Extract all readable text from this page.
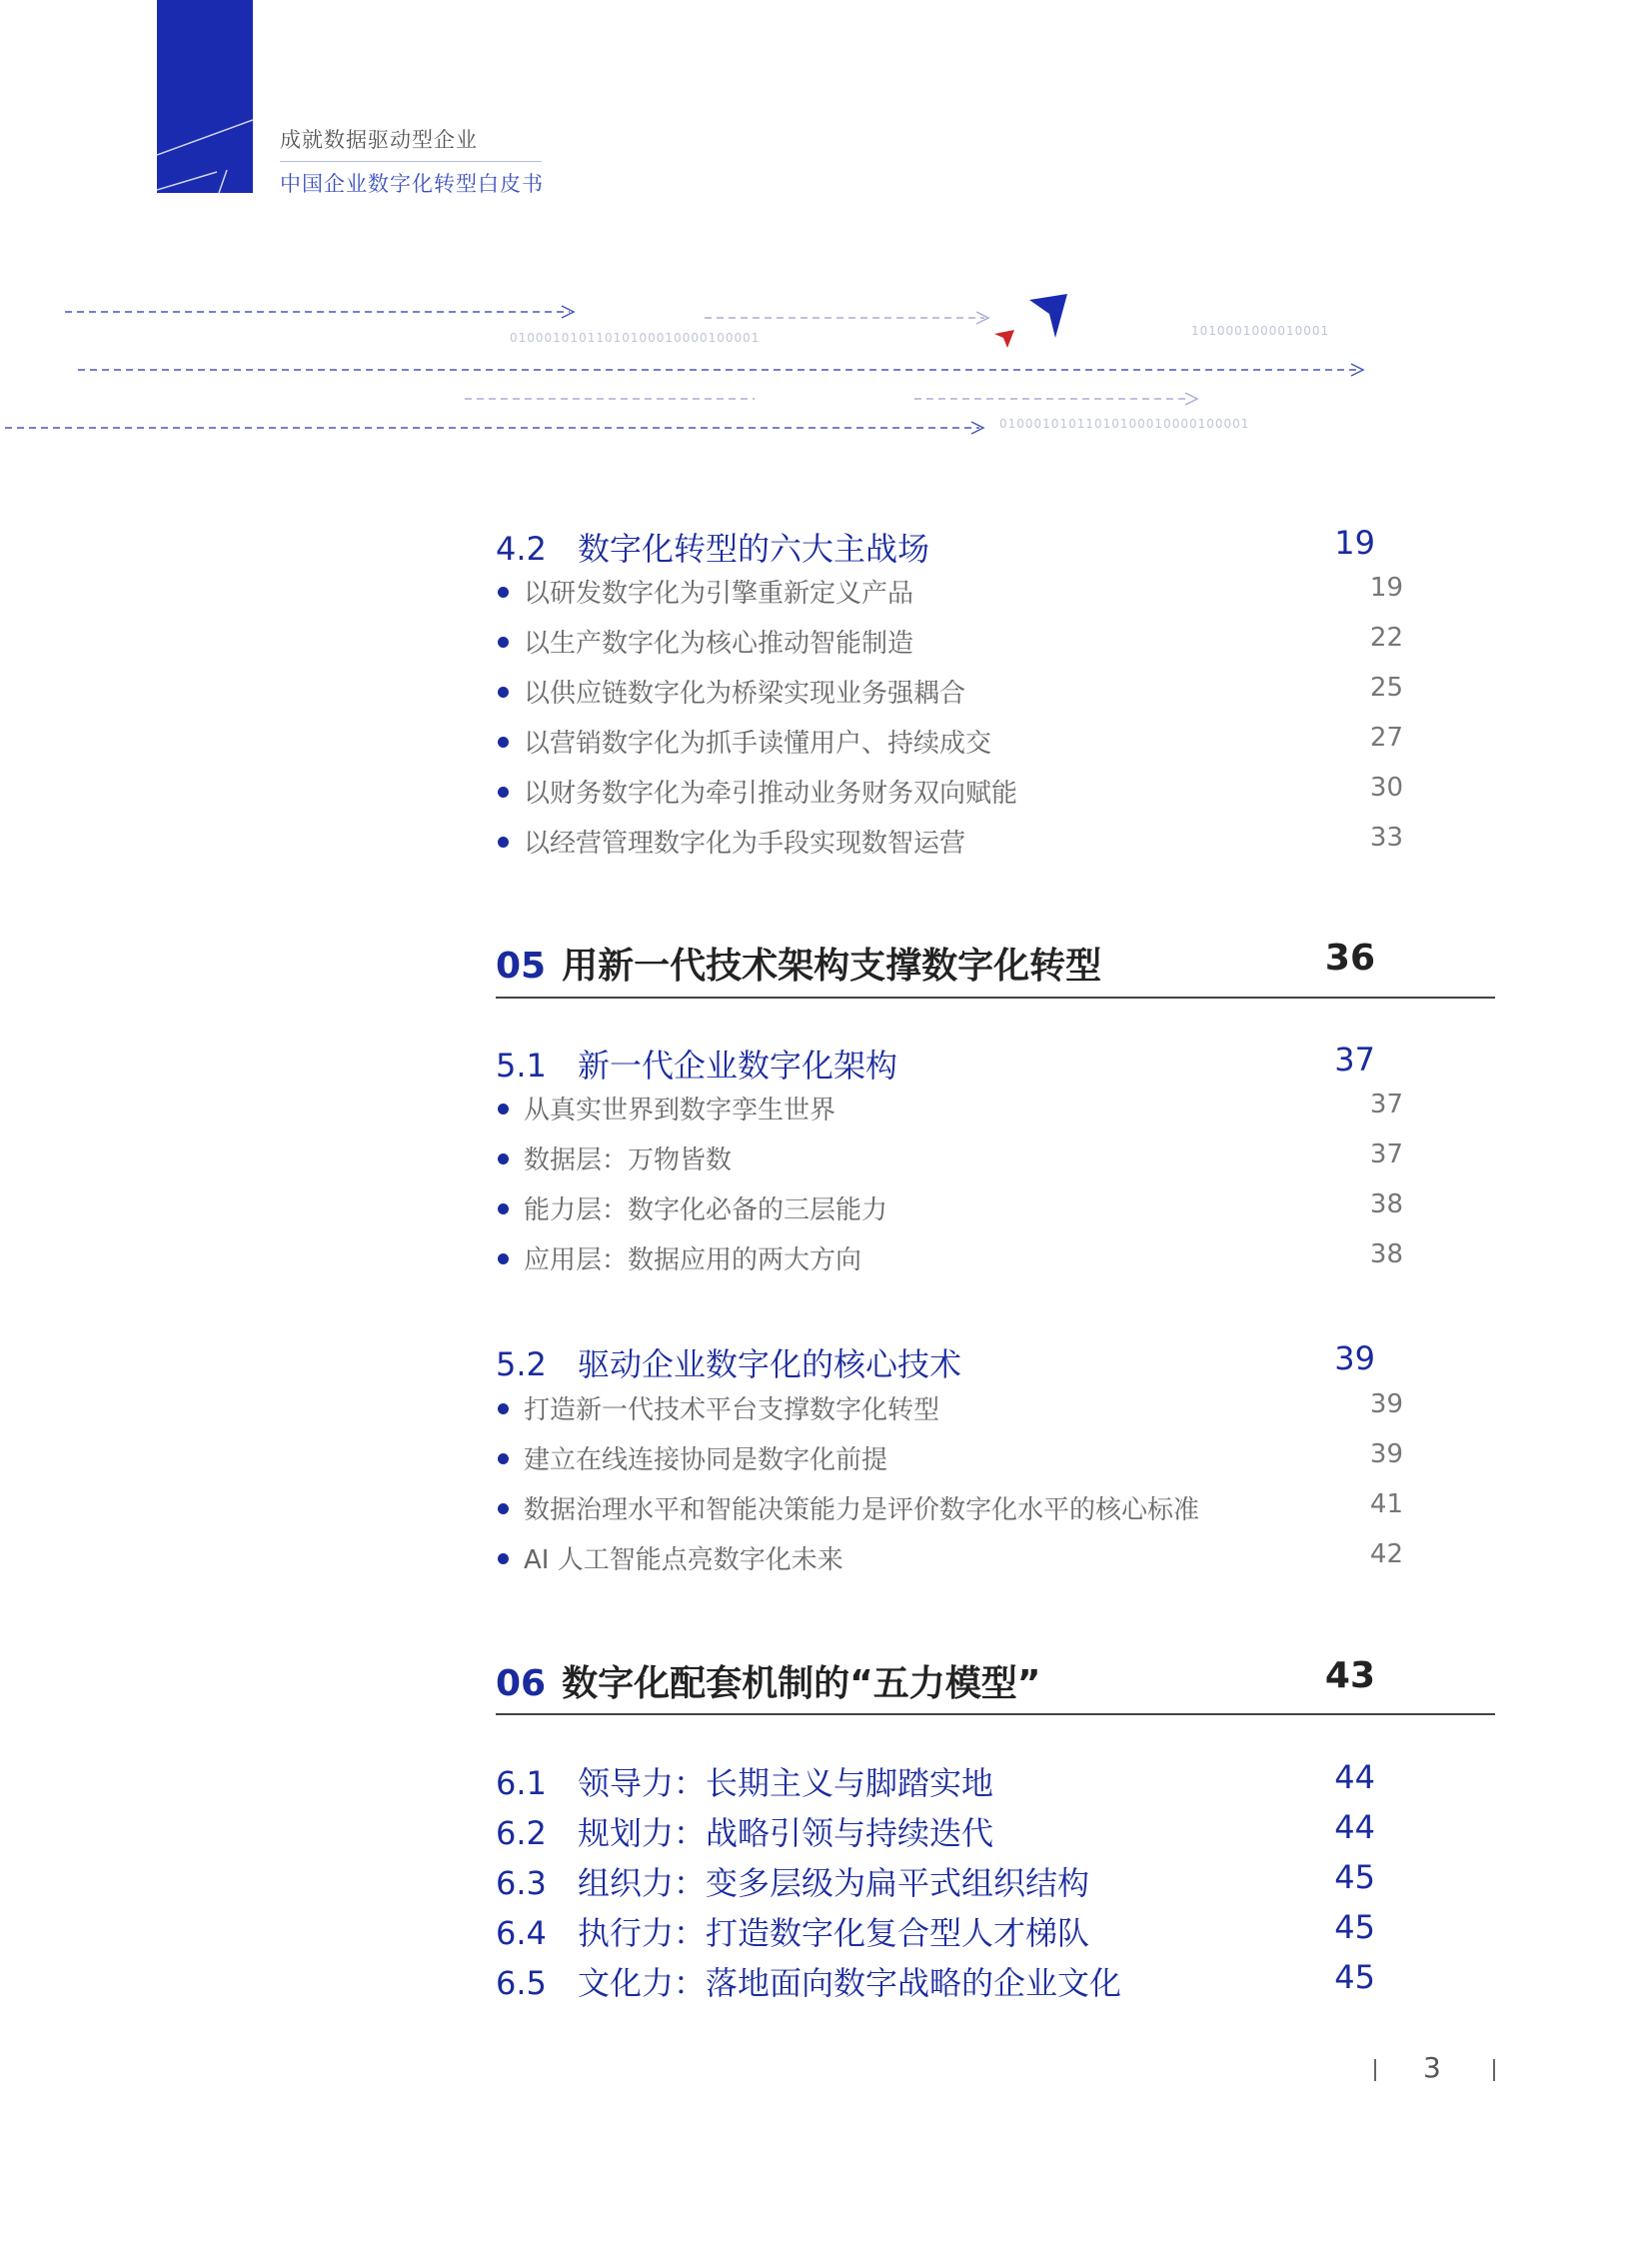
成就数据驱动型企业
中国企业数字化转型白皮书
01000101011010100010000100001	1010001000010001
01000101011010100010000100001
4.2 数字化转型的六大主战场	19
以研发数字化为引擎重新定义产品	19
以生产数字化为核心推动智能制造	22
以供应链数字化为桥梁实现业务强耦合	25
以营销数字化为抓手读懂用户、持续成交	27
以财务数字化为牵引推动业务财务双向赋能	30
以经营管理数字化为手段实现数智运营	33
05 用新一代技术架构支撑数字化转型	36
5.1 新一代企业数字化架构	37
从真实世界到数字孪生世界	37
数据层：万物皆数	37
能力层：数字化必备的三层能力	38
应用层：数据应用的两大方向	38
5.2 驱动企业数字化的核心技术	39
打造新一代技术平台支撑数字化转型	39
建立在线连接协同是数字化前提	39
数据治理水平和智能决策能力是评价数字化水平的核心标准	41
AI 人工智能点亮数字化未来	42
06 数字化配套机制的“五力模型”	43
6.1 领导力：长期主义与脚踏实地	44
6.2 规划力：战略引领与持续迭代	44
6.3 组织力：变多层级为扁平式组织结构	45
6.4 执行力：打造数字化复合型人才梯队	45
6.5 文化力：落地面向数字战略的企业文化	45
3
